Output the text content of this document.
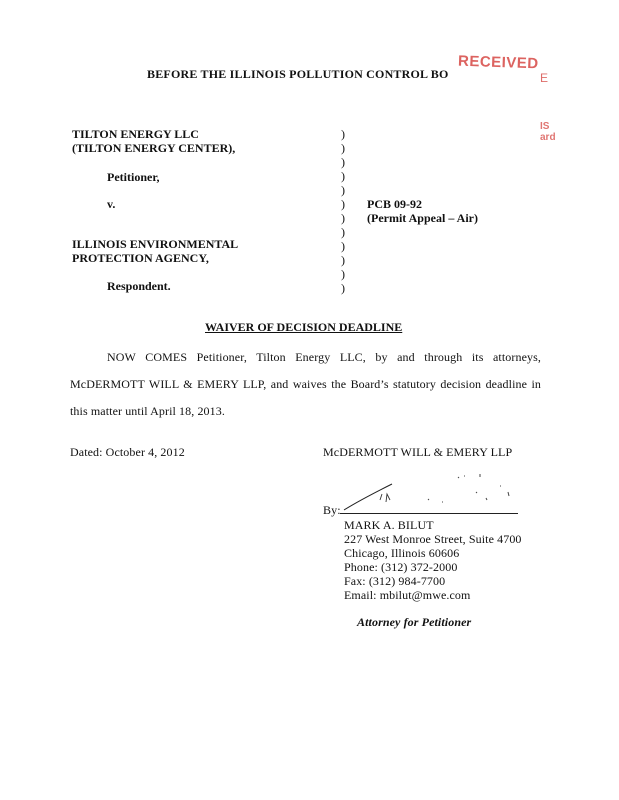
BEFORE THE ILLINOIS POLLUTION CONTROL BO
RECEIVED
E
IS
ard
TILTON ENERGY LLC
(TILTON ENERGY CENTER),
Petitioner,
v.
ILLINOIS ENVIRONMENTAL
PROTECTION AGENCY,
Respondent.
)
)
)
)
)
)
)
)
)
)
)
)
PCB 09-92
(Permit Appeal – Air)
WAIVER OF DECISION DEADLINE
NOW COMES Petitioner, Tilton Energy LLC, by and through its attorneys,
McDERMOTT WILL & EMERY LLP, and waives the Board’s statutory decision deadline in
this matter until April 18, 2013.
Dated: October 4, 2012	McDERMOTT WILL & EMERY LLP
By:
MARK A. BILUT
227 West Monroe Street, Suite 4700
Chicago, Illinois 60606
Phone: (312) 372-2000
Fax: (312) 984-7700
Email: mbilut@mwe.com
Attorney for Petitioner
